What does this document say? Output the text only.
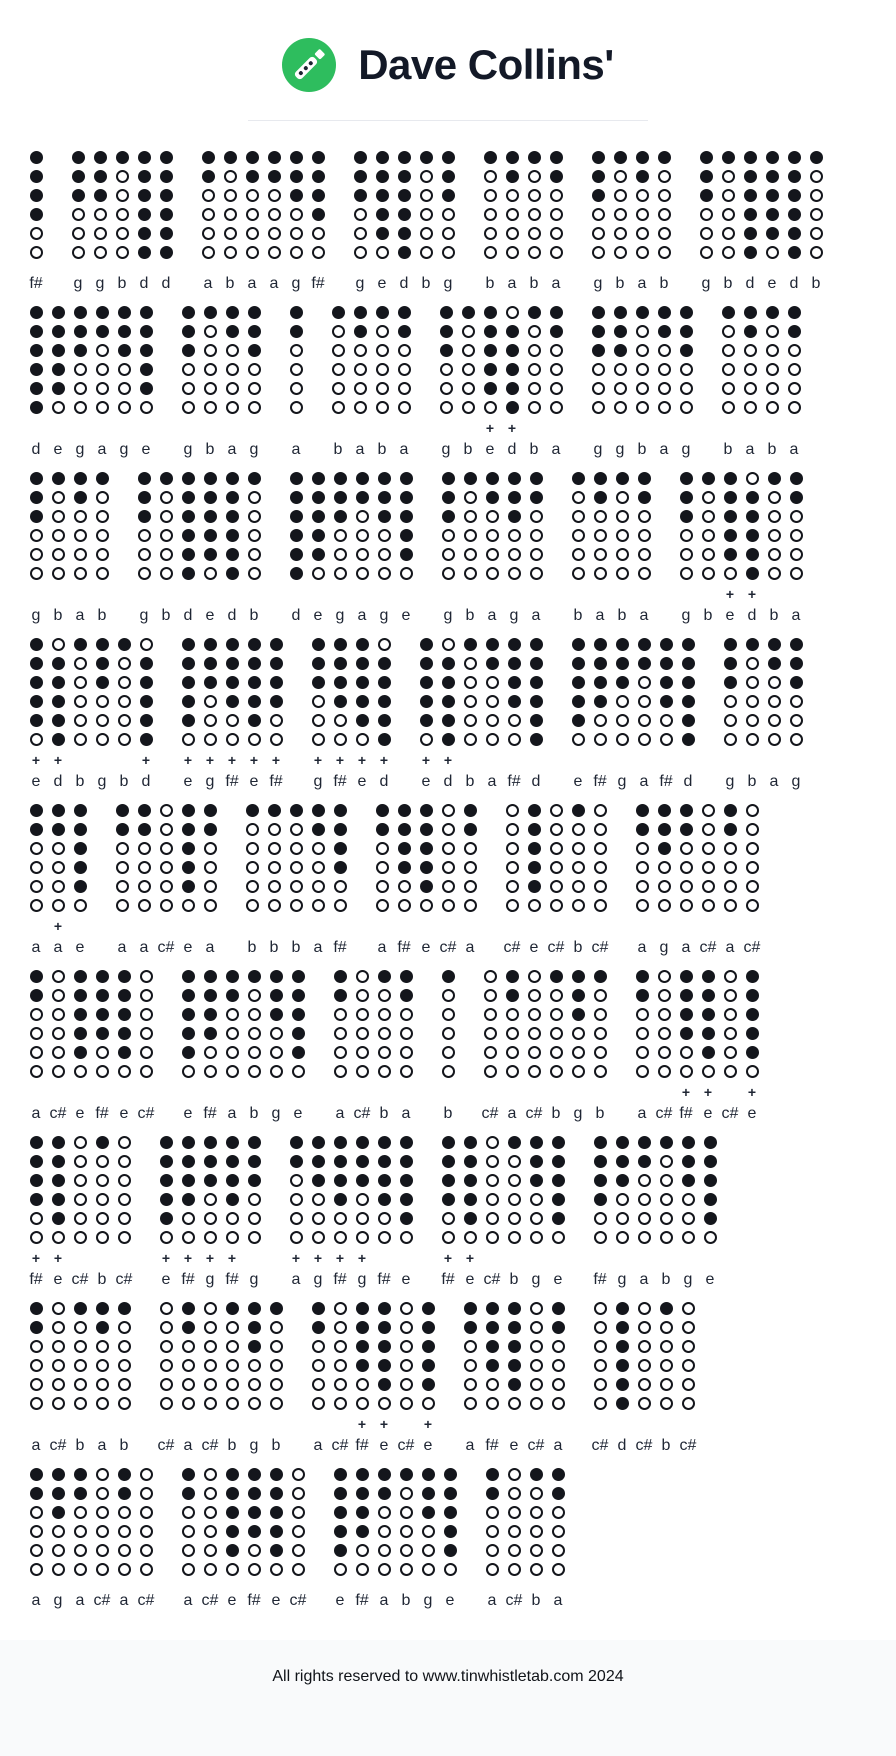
Dave Collins'
f# g g b d d a b a a g f# g e d b g b a b a g b a b g b d e d b
d e g a g e g b a g a b a b a g b
+
e
+
d b a g g b a g b a b a
g b a b g b d e d b d e g a g e g b a g a b a b a g b
+
e
+
d b a
+
e
+
d b g b
+
d
+
e
+
g
+
f#
+
e
+
f#
+
g
+
f#
+
e
+
d
+
e
+
d b a f# d e f# g a f# d g b a g
a
+
a e a a c# e a b b b a f# a f# e c# a c# e c# b c# a g a c# a c#
a c# e f# e c# e f# a b g e a c# b a b c# a c# b g b a c#
+
f#
+
e c#
+
e
+
f#
+
e c# b c#
+
e
+
f#
+
g
+
f# g
+
a
+
g
+
f#
+
g f# e
+
f#
+
e c# b g e f# g a b g e
a c# b a b c# a c# b g b a c#
+
f#
+
e c#
+
e a f# e c# a c# d c# b c#
a g a c# a c# a c# e f# e c# e f# a b g e a c# b a
All rights reserved to www.tinwhistletab.com 2024
